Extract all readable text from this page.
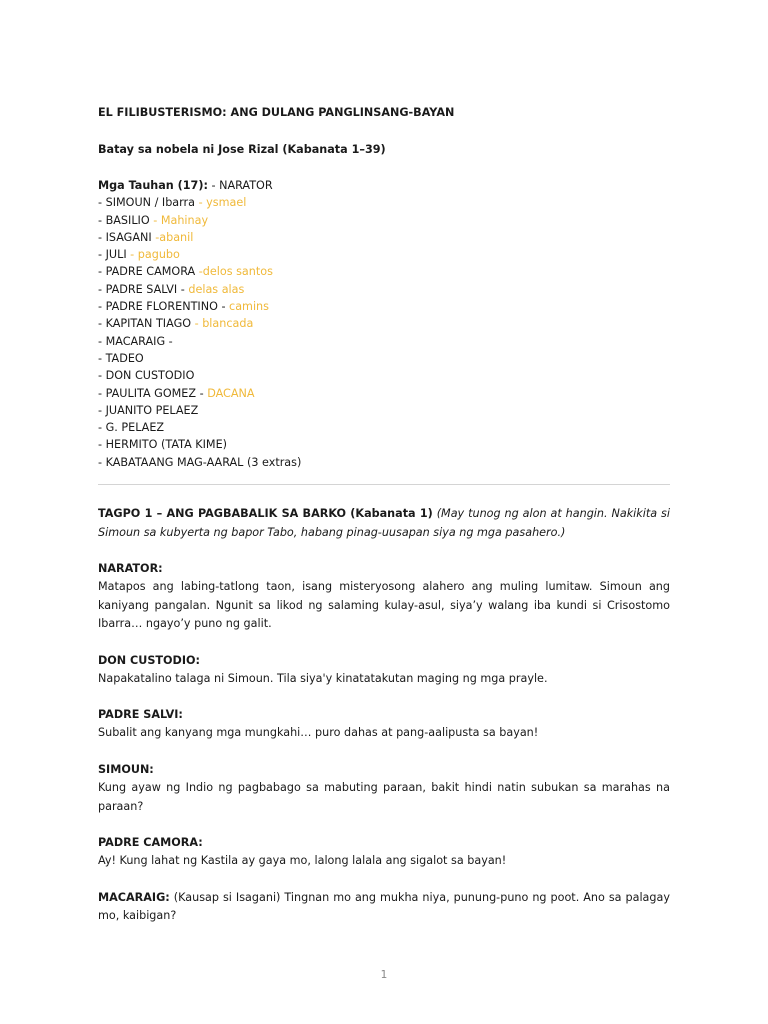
EL FILIBUSTERISMO: ANG DULANG PANGLINSANG-BAYAN
Batay sa nobela ni Jose Rizal (Kabanata 1–39)
Mga Tauhan (17): - NARATOR
- SIMOUN / Ibarra - ysmael
- BASILIO - Mahinay
- ISAGANI -abanil
- JULI - pagubo
- PADRE CAMORA -delos santos
- PADRE SALVI - delas alas
- PADRE FLORENTINO - camins
- KAPITAN TIAGO - blancada
- MACARAIG -
- TADEO
- DON CUSTODIO
- PAULITA GOMEZ - DACANA
- JUANITO PELAEZ
- G. PELAEZ
- HERMITO (TATA KIME)
- KABATAANG MAG-AARAL (3 extras)
TAGPO 1 – ANG PAGBABALIK SA BARKO (Kabanata 1) (May tunog ng alon at hangin. Nakikita si Simoun sa kubyerta ng bapor Tabo, habang pinag-uusapan siya ng mga pasahero.)
NARATOR:
Matapos ang labing-tatlong taon, isang misteryosong alahero ang muling lumitaw. Simoun ang kaniyang pangalan. Ngunit sa likod ng salaming kulay-asul, siya’y walang iba kundi si Crisostomo Ibarra… ngayo’y puno ng galit.
DON CUSTODIO:
Napakatalino talaga ni Simoun. Tila siya'y kinatatakutan maging ng mga prayle.
PADRE SALVI:
Subalit ang kanyang mga mungkahi… puro dahas at pang-aalipusta sa bayan!
SIMOUN:
Kung ayaw ng Indio ng pagbabago sa mabuting paraan, bakit hindi natin subukan sa marahas na paraan?
PADRE CAMORA:
Ay! Kung lahat ng Kastila ay gaya mo, lalong lalala ang sigalot sa bayan!
MACARAIG: (Kausap si Isagani) Tingnan mo ang mukha niya, punung-puno ng poot. Ano sa palagay mo, kaibigan?
1
